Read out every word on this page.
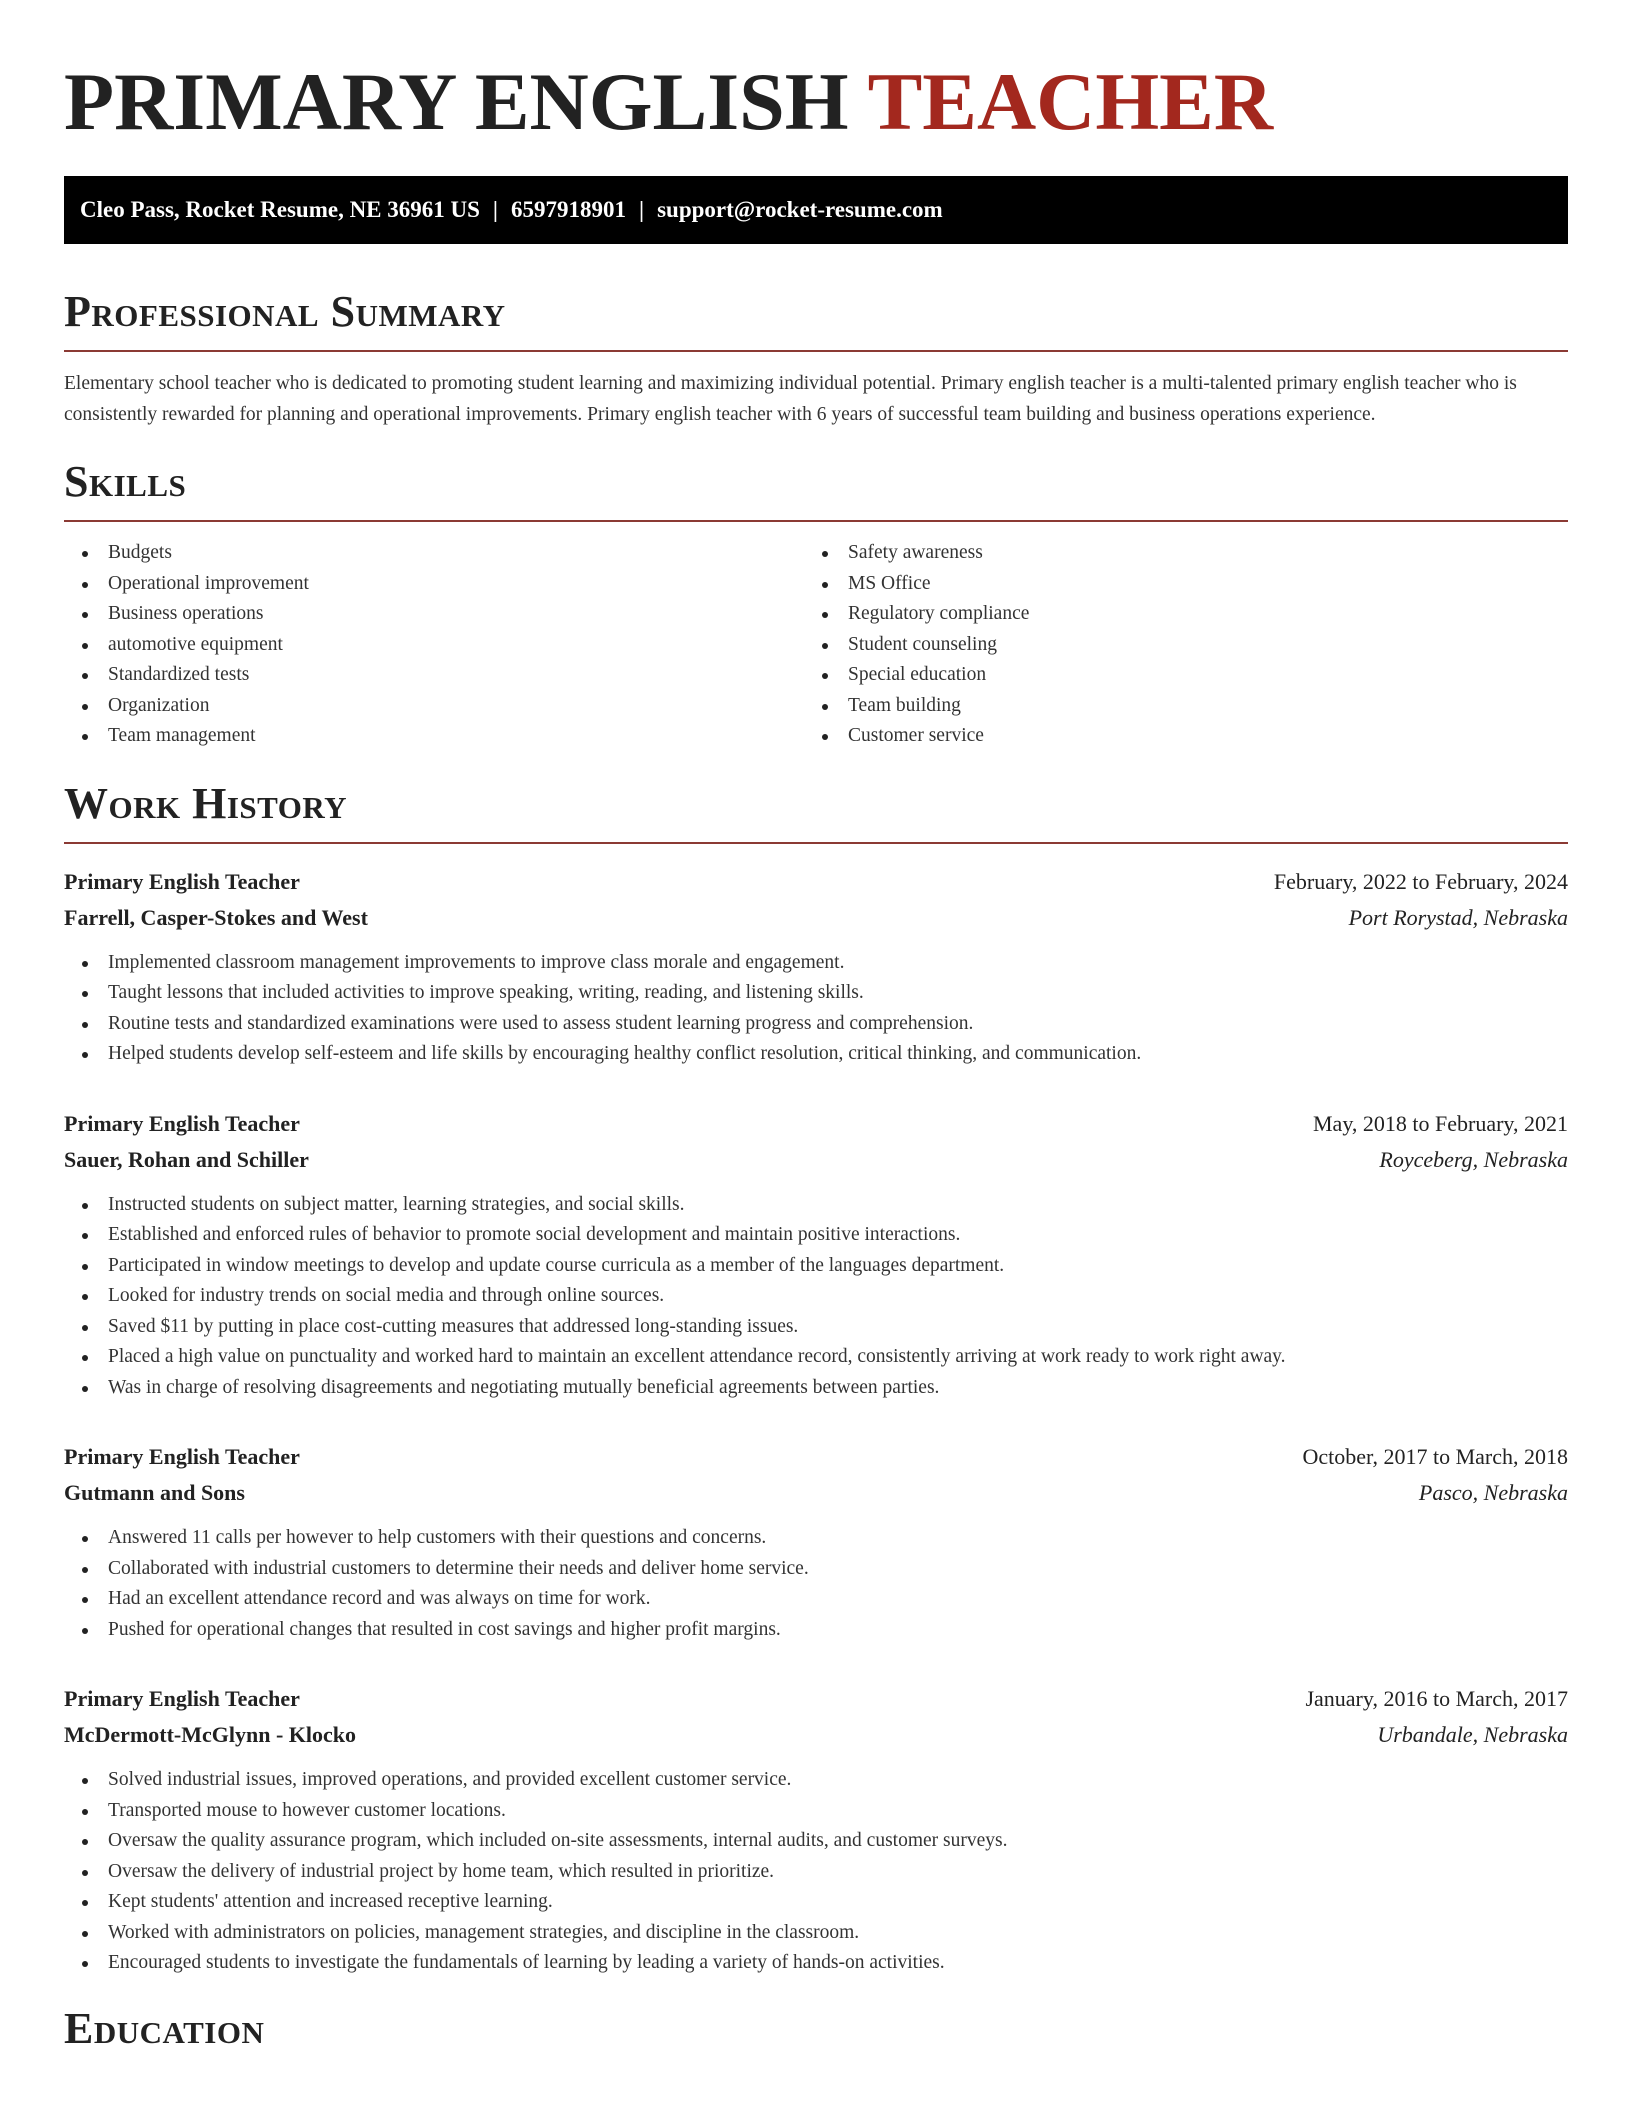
PRIMARY ENGLISH TEACHER
Cleo Pass, Rocket Resume, NE 36961 US | 6597918901 | support@rocket-resume.com
Professional Summary

Elementary school teacher who is dedicated to promoting student learning and maximizing individual potential. Primary english teacher is a multi-talented primary english teacher who is consistently rewarded for planning and operational improvements. Primary english teacher with 6 years of successful team building and business operations experience.

Skills
Budgets
Operational improvement
Business operations
automotive equipment
Standardized tests
Organization
Team management
Safety awareness
MS Office
Regulatory compliance
Student counseling
Special education
Team building
Customer service
Work History
Primary English Teacher	February, 2022 to February, 2024
Farrell, Casper-Stokes and West	Port Rorystad, Nebraska
Implemented classroom management improvements to improve class morale and engagement.
Taught lessons that included activities to improve speaking, writing, reading, and listening skills.
Routine tests and standardized examinations were used to assess student learning progress and comprehension.
Helped students develop self-esteem and life skills by encouraging healthy conflict resolution, critical thinking, and communication.
Primary English Teacher	May, 2018 to February, 2021
Sauer, Rohan and Schiller	Royceberg, Nebraska
Instructed students on subject matter, learning strategies, and social skills.
Established and enforced rules of behavior to promote social development and maintain positive interactions.
Participated in window meetings to develop and update course curricula as a member of the languages department.
Looked for industry trends on social media and through online sources.
Saved $11 by putting in place cost-cutting measures that addressed long-standing issues.
Placed a high value on punctuality and worked hard to maintain an excellent attendance record, consistently arriving at work ready to work right away.
Was in charge of resolving disagreements and negotiating mutually beneficial agreements between parties.
Primary English Teacher	October, 2017 to March, 2018
Gutmann and Sons	Pasco, Nebraska
Answered 11 calls per however to help customers with their questions and concerns.
Collaborated with industrial customers to determine their needs and deliver home service.
Had an excellent attendance record and was always on time for work.
Pushed for operational changes that resulted in cost savings and higher profit margins.
Primary English Teacher	January, 2016 to March, 2017
McDermott-McGlynn - Klocko	Urbandale, Nebraska
Solved industrial issues, improved operations, and provided excellent customer service.
Transported mouse to however customer locations.
Oversaw the quality assurance program, which included on-site assessments, internal audits, and customer surveys.
Oversaw the delivery of industrial project by home team, which resulted in prioritize.
Kept students' attention and increased receptive learning.
Worked with administrators on policies, management strategies, and discipline in the classroom.
Encouraged students to investigate the fundamentals of learning by leading a variety of hands-on activities.
Education
